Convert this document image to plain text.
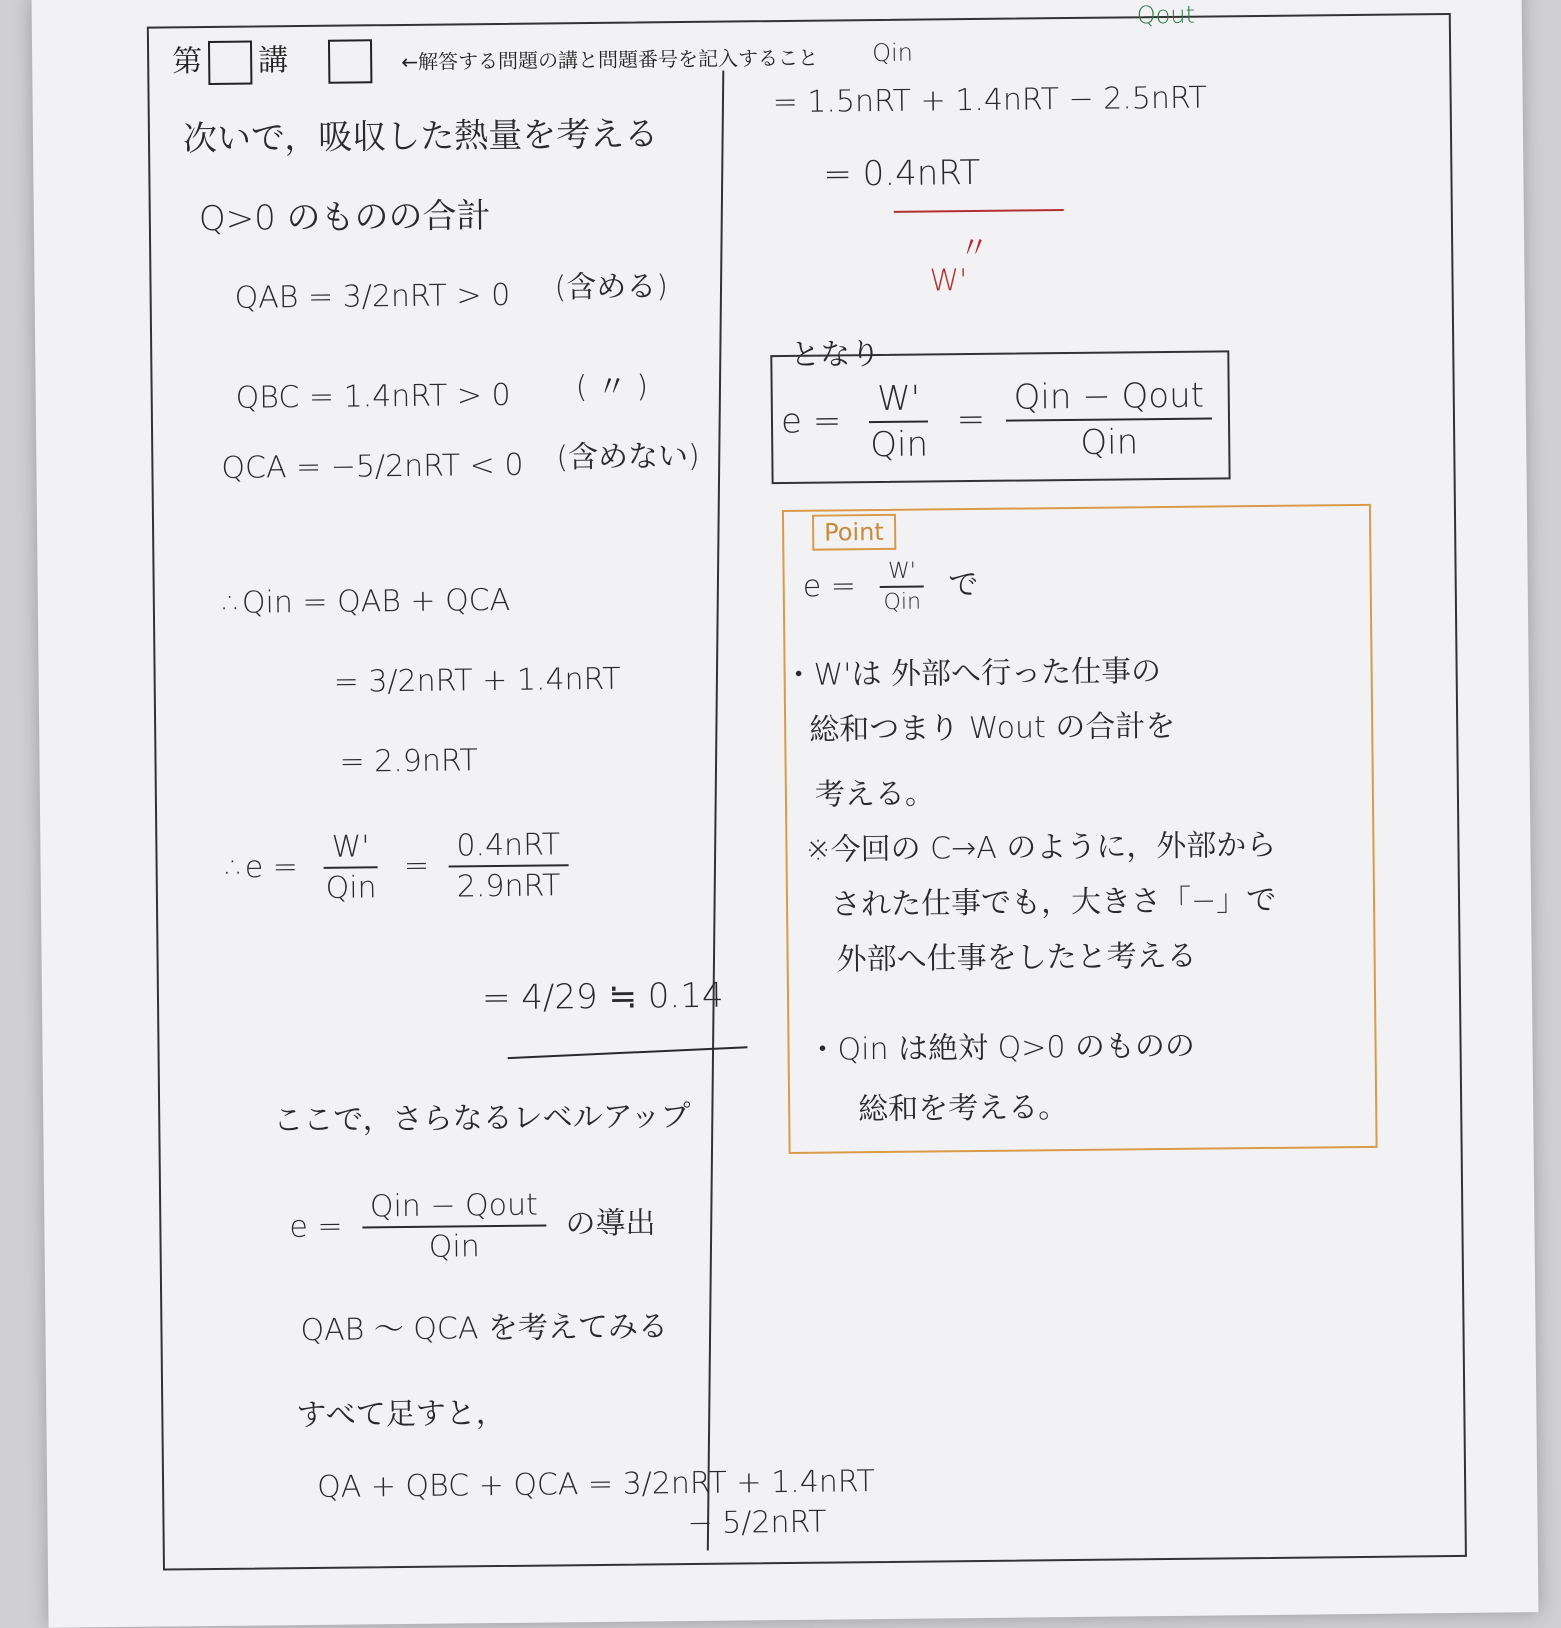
第 講	←解答する問題の講と問題番号を記入すること
次いで，吸収した熱量を考える
Q>0 のものの合計
QAB = 3/2nRT > 0 (含める)
QBC = 1.4nRT > 0 ( 〃 )
QCA = −5/2nRT < 0 (含めない)
∴Qin = QAB + QCA
= 3/2nRT + 1.4nRT
= 2.9nRT
∴e = $\frac{W'}{\text{Qin}} = \frac{\text{0.4nRT}}{\text{2.9nRT}}$
= 4/29 ≒ 0.14
ここで，さらなるレベルアップ
$e = \frac{\text{Qin − Qout}}{\text{Qin}}$ の導出
QAB 〜 QCA を考えてみる
すべて足すと，
QA + QBC + QCA = 3/2nRT + 1.4nRT
− 5/2nRT
Qin
Qout
= 1.5nRT + 1.4nRT − 2.5nRT
= 0.4nRT
〃
W'
となり
$e = \frac{W'}{\text{Qin}} = \frac{\text{Qin − Qout}}{\text{Qin}}$
Point
$e = \frac{W'}{\text{Qin}}$ で
・W'は 外部へ行った仕事の
総和つまり Wout の合計を
考える。
※今回の C→A のように，外部から
された仕事でも，大きさ「−」で
外部へ仕事をしたと考える
・Qin は絶対 Q>0 のものの
総和を考える。
